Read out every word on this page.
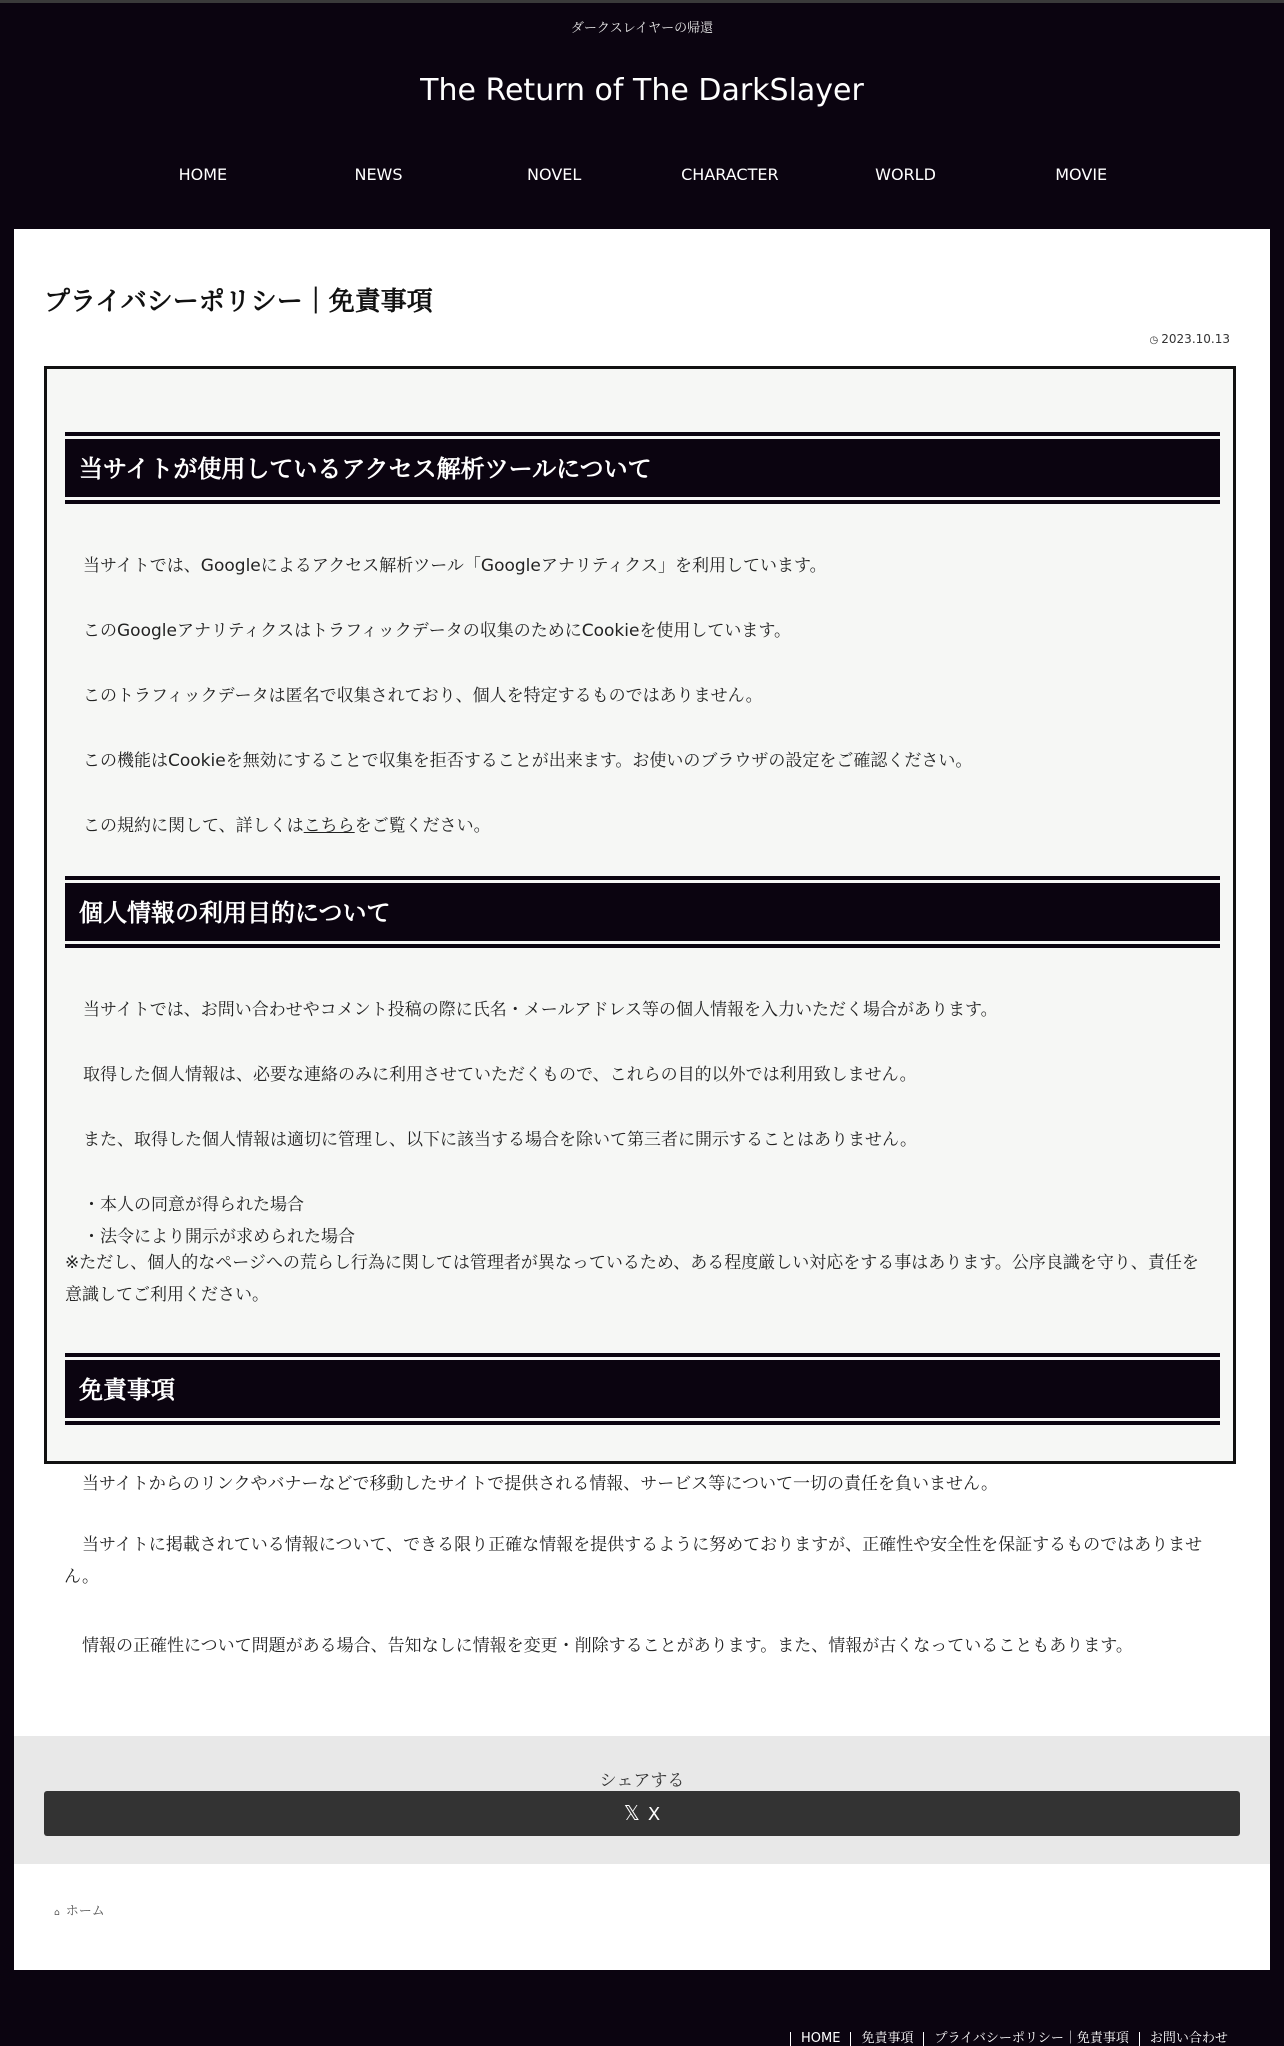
ダークスレイヤーの帰還
The Return of The DarkSlayer
HOME	NEWS	NOVEL	CHARACTER	WORLD	MOVIE
プライバシーポリシー｜免責事項
◷ 2023.10.13
当サイトが使用しているアクセス解析ツールについて
当サイトでは、Googleによるアクセス解析ツール「Googleアナリティクス」を利用しています。
このGoogleアナリティクスはトラフィックデータの収集のためにCookieを使用しています。
このトラフィックデータは匿名で収集されており、個人を特定するものではありません。
この機能はCookieを無効にすることで収集を拒否することが出来ます。お使いのブラウザの設定をご確認ください。
この規約に関して、詳しくはこちらをご覧ください。
個人情報の利用目的について
当サイトでは、お問い合わせやコメント投稿の際に氏名・メールアドレス等の個人情報を入力いただく場合があります。
取得した個人情報は、必要な連絡のみに利用させていただくもので、これらの目的以外では利用致しません。
また、取得した個人情報は適切に管理し、以下に該当する場合を除いて第三者に開示することはありません。
・本人の同意が得られた場合
・法令により開示が求められた場合
※ただし、個人的なページへの荒らし行為に関しては管理者が異なっているため、ある程度厳しい対応をする事はあります。公序良識を守り、責任を意識してご利用ください。
免責事項
当サイトからのリンクやバナーなどで移動したサイトで提供される情報、サービス等について一切の責任を負いません。
当サイトに掲載されている情報について、できる限り正確な情報を提供するように努めておりますが、正確性や安全性を保証するものではありません。
情報の正確性について問題がある場合、告知なしに情報を変更・削除することがあります。また、情報が古くなっていることもあります。
シェアする
𝕏 X
⌂ ホーム
HOME	免責事項	プライバシーポリシー｜免責事項	お問い合わせ
